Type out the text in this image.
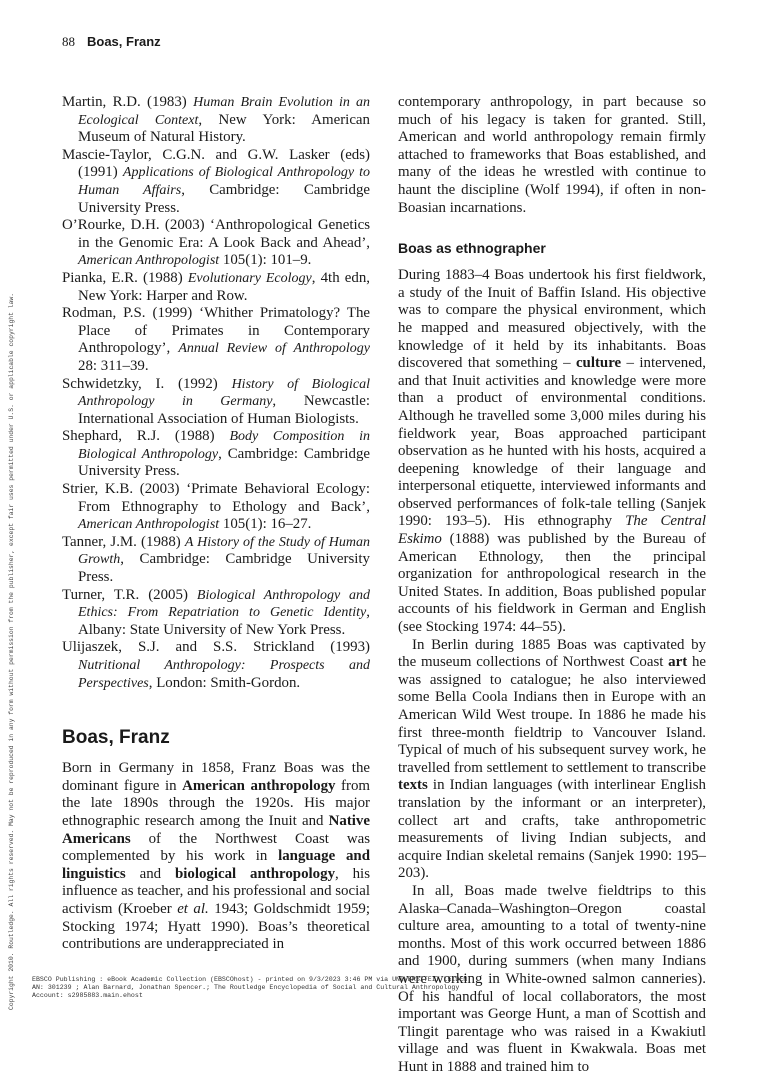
88 Boas, Franz

Martin, R.D. (1983) Human Brain Evolution in an Ecological Context, New York: American Museum of Natural History.

Mascie-Taylor, C.G.N. and G.W. Lasker (eds) (1991) Applications of Biological Anthropology to Human Affairs, Cambridge: Cambridge University Press.

O’Rourke, D.H. (2003) ‘Anthropological Genetics in the Genomic Era: A Look Back and Ahead’, American Anthropologist 105(1): 101–9.

Pianka, E.R. (1988) Evolutionary Ecology, 4th edn, New York: Harper and Row.

Rodman, P.S. (1999) ‘Whither Primatology? The Place of Primates in Contemporary Anthropology’, Annual Review of Anthropology 28: 311–39.

Schwidetzky, I. (1992) History of Biological Anthropology in Germany, Newcastle: International Association of Human Biologists.

Shephard, R.J. (1988) Body Composition in Biological Anthropology, Cambridge: Cambridge University Press.

Strier, K.B. (2003) ‘Primate Behavioral Ecology: From Ethnography to Ethology and Back’, American Anthropologist 105(1): 16–27.

Tanner, J.M. (1988) A History of the Study of Human Growth, Cambridge: Cambridge University Press.

Turner, T.R. (2005) Biological Anthropology and Ethics: From Repatriation to Genetic Identity, Albany: State University of New York Press.

Ulijaszek, S.J. and S.S. Strickland (1993) Nutritional Anthropology: Prospects and Perspectives, London: Smith-Gordon.

Boas, Franz

Born in Germany in 1858, Franz Boas was the dominant figure in American anthropology from the late 1890s through the 1920s. His major ethnographic research among the Inuit and Native Americans of the Northwest Coast was complemented by his work in language and linguistics and biological anthropology, his influence as teacher, and his professional and social activism (Kroeber et al. 1943; Goldschmidt 1959; Stocking 1974; Hyatt 1990). Boas’s theoretical contributions are underappreciated in

contemporary anthropology, in part because so much of his legacy is taken for granted. Still, American and world anthropology remain firmly attached to frameworks that Boas established, and many of the ideas he wrestled with continue to haunt the discipline (Wolf 1994), if often in non-Boasian incarnations.

Boas as ethnographer

During 1883–4 Boas undertook his first fieldwork, a study of the Inuit of Baffin Island. His objective was to compare the physical environment, which he mapped and measured objectively, with the knowledge of it held by its inhabitants. Boas discovered that something – culture – intervened, and that Inuit activities and knowledge were more than a product of environmental conditions. Although he travelled some 3,000 miles during his fieldwork year, Boas approached participant observation as he hunted with his hosts, acquired a deepening knowledge of their language and interpersonal etiquette, interviewed informants and observed performances of folk-tale telling (Sanjek 1990: 193–5). His ethnography The Central Eskimo (1888) was published by the Bureau of American Ethnology, then the principal organization for anthropological research in the United States. In addition, Boas published popular accounts of his fieldwork in German and English (see Stocking 1974: 44–55).

In Berlin during 1885 Boas was captivated by the museum collections of Northwest Coast art he was assigned to catalogue; he also interviewed some Bella Coola Indians then in Europe with an American Wild West troupe. In 1886 he made his first three-month fieldtrip to Vancouver Island. Typical of much of his subsequent survey work, he travelled from settlement to settlement to transcribe texts in Indian languages (with interlinear English translation by the informant or an interpreter), collect art and crafts, take anthropometric measurements of living Indian subjects, and acquire Indian skeletal remains (Sanjek 1990: 195–203).

In all, Boas made twelve fieldtrips to this Alaska–Canada–Washington–Oregon coastal culture area, amounting to a total of twenty-nine months. Most of this work occurred between 1886 and 1900, during summers (when many Indians were working in White-owned salmon canneries). Of his handful of local collaborators, the most important was George Hunt, a man of Scottish and Tlingit parentage who was raised in a Kwakiutl village and was fluent in Kwakwala. Boas met Hunt in 1888 and trained him to

Copyright 2010. Routledge. All rights reserved. May not be reproduced in any form without permission from the publisher, except fair uses permitted under U.S. or applicable copyright law.	EBSCO Publishing : eBook Academic Collection (EBSCOhost) - printed on 9/3/2023 3:46 PM via UNIVERSITEIT LEIDEN
AN: 301239 ; Alan Barnard, Jonathan Spencer.; The Routledge Encyclopedia of Social and Cultural Anthropology
Account: s2985883.main.ehost
